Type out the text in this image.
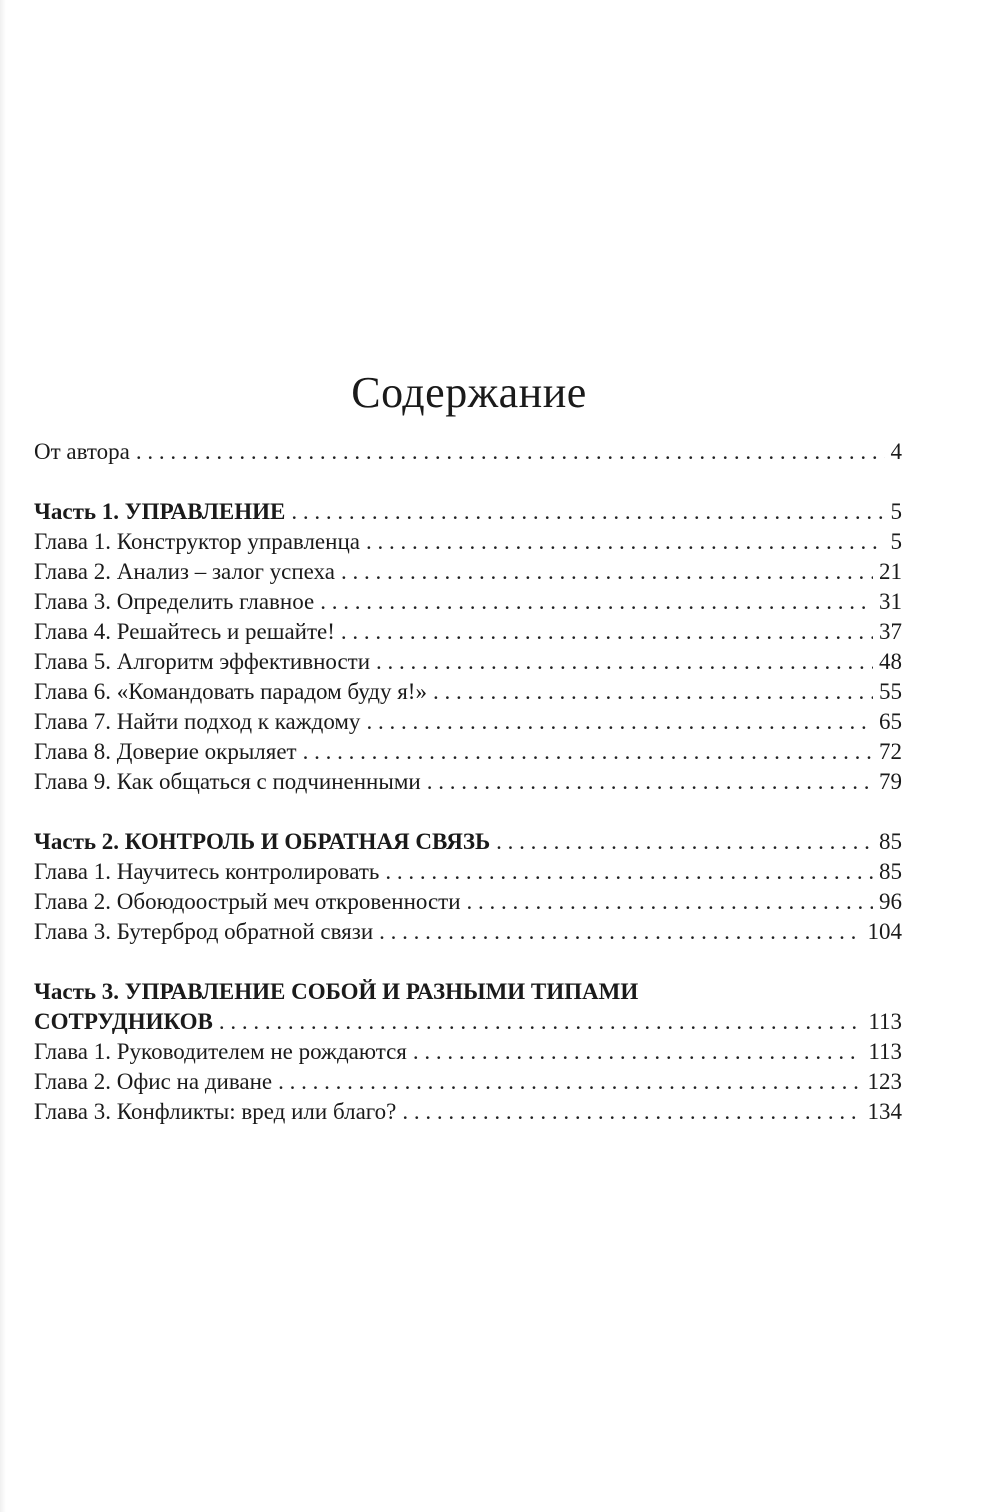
Содержание
От автора . . .	4
Часть 1. УПРАВЛЕНИЕ . . .	5
Глава 1. Конструктор управленца . . .	5
Глава 2. Анализ – залог успеха . . .	21
Глава 3. Определить главное . . .	31
Глава 4. Решайтесь и решайте! . . .	37
Глава 5. Алгоритм эффективности . . .	48
Глава 6. «Командовать парадом буду я!» . . .	55
Глава 7. Найти подход к каждому . . .	65
Глава 8. Доверие окрыляет . . .	72
Глава 9. Как общаться с подчиненными . . .	79
Часть 2. КОНТРОЛЬ И ОБРАТНАЯ СВЯЗЬ . . .	85
Глава 1. Научитесь контролировать . . .	85
Глава 2. Обоюдоострый меч откровенности . . .	96
Глава 3. Бутерброд обратной связи . . .	104
Часть 3. УПРАВЛЕНИЕ СОБОЙ И РАЗНЫМИ ТИПАМИ
СОТРУДНИКОВ . . .	113
Глава 1. Руководителем не рождаются . . .	113
Глава 2. Офис на диване . . .	123
Глава 3. Конфликты: вред или благо? . . .	134
